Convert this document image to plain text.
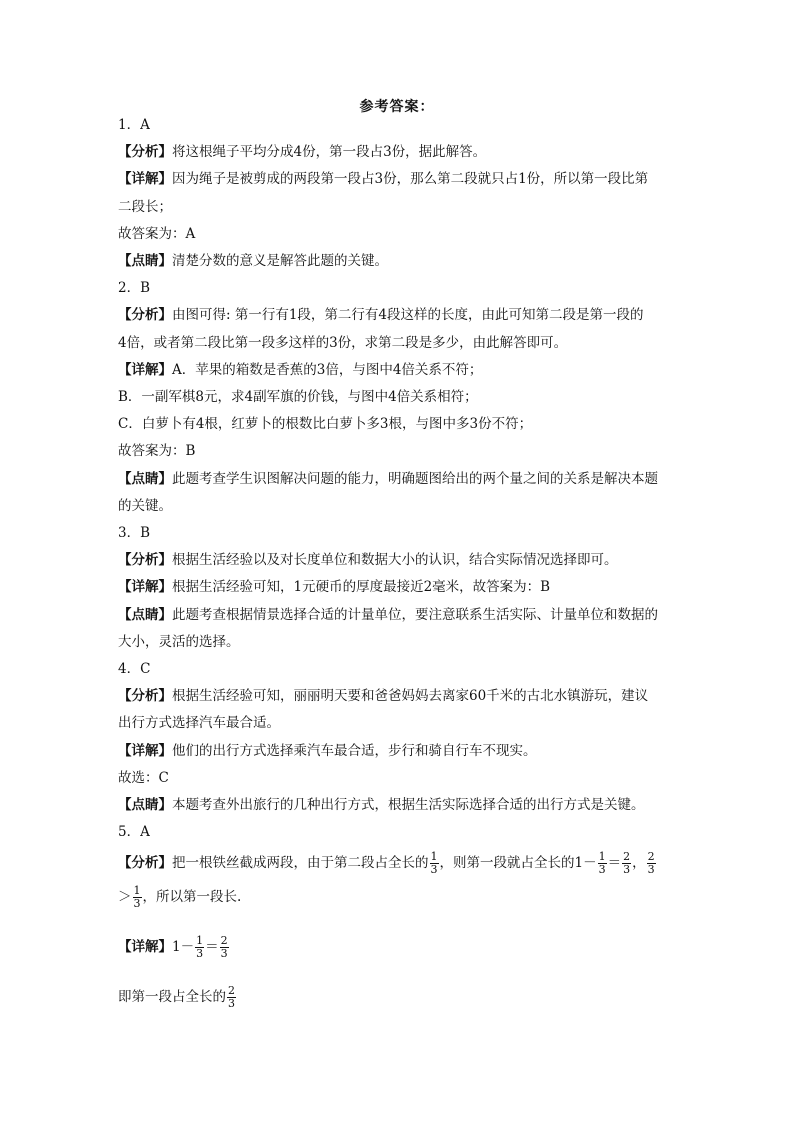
参考答案：
1．A
【分析】将这根绳子平均分成4份，第一段占3份，据此解答。
【详解】因为绳子是被剪成的两段第一段占3份，那么第二段就只占1份，所以第一段比第
二段长；
故答案为：A
【点睛】清楚分数的意义是解答此题的关键。
2．B
【分析】由图可得: 第一行有1段，第二行有4段这样的长度，由此可知第二段是第一段的
4倍，或者第二段比第一段多这样的3份，求第二段是多少，由此解答即可。
【详解】A．苹果的箱数是香蕉的3倍，与图中4倍关系不符；
B．一副军棋8元，求4副军旗的价钱，与图中4倍关系相符；
C．白萝卜有4根，红萝卜的根数比白萝卜多3根，与图中多3份不符；
故答案为：B
【点睛】此题考查学生识图解决问题的能力，明确题图给出的两个量之间的关系是解决本题
的关键。
3．B
【分析】根据生活经验以及对长度单位和数据大小的认识，结合实际情况选择即可。
【详解】根据生活经验可知，1元硬币的厚度最接近2毫米，故答案为：B
【点睛】此题考查根据情景选择合适的计量单位，要注意联系生活实际、计量单位和数据的
大小，灵活的选择。
4．C
【分析】根据生活经验可知，丽丽明天要和爸爸妈妈去离家60千米的古北水镇游玩，建议
出行方式选择汽车最合适。
【详解】他们的出行方式选择乘汽车最合适，步行和骑自行车不现实。
故选：C
【点睛】本题考查外出旅行的几种出行方式，根据生活实际选择合适的出行方式是关键。
5．A
【分析】把一根铁丝截成两段，由于第二段占全长的 $\frac{1}{3}$ ，则第一段就占全长的$1- \frac{1}{3} = \frac{2}{3}$ ， $\frac{2}{3}$
＞ $\frac{1}{3}$ ，所以第一段长.
【详解】$1- \frac{1}{3} = \frac{2}{3}$
即第一段占全长的 $\frac{2}{3}$
